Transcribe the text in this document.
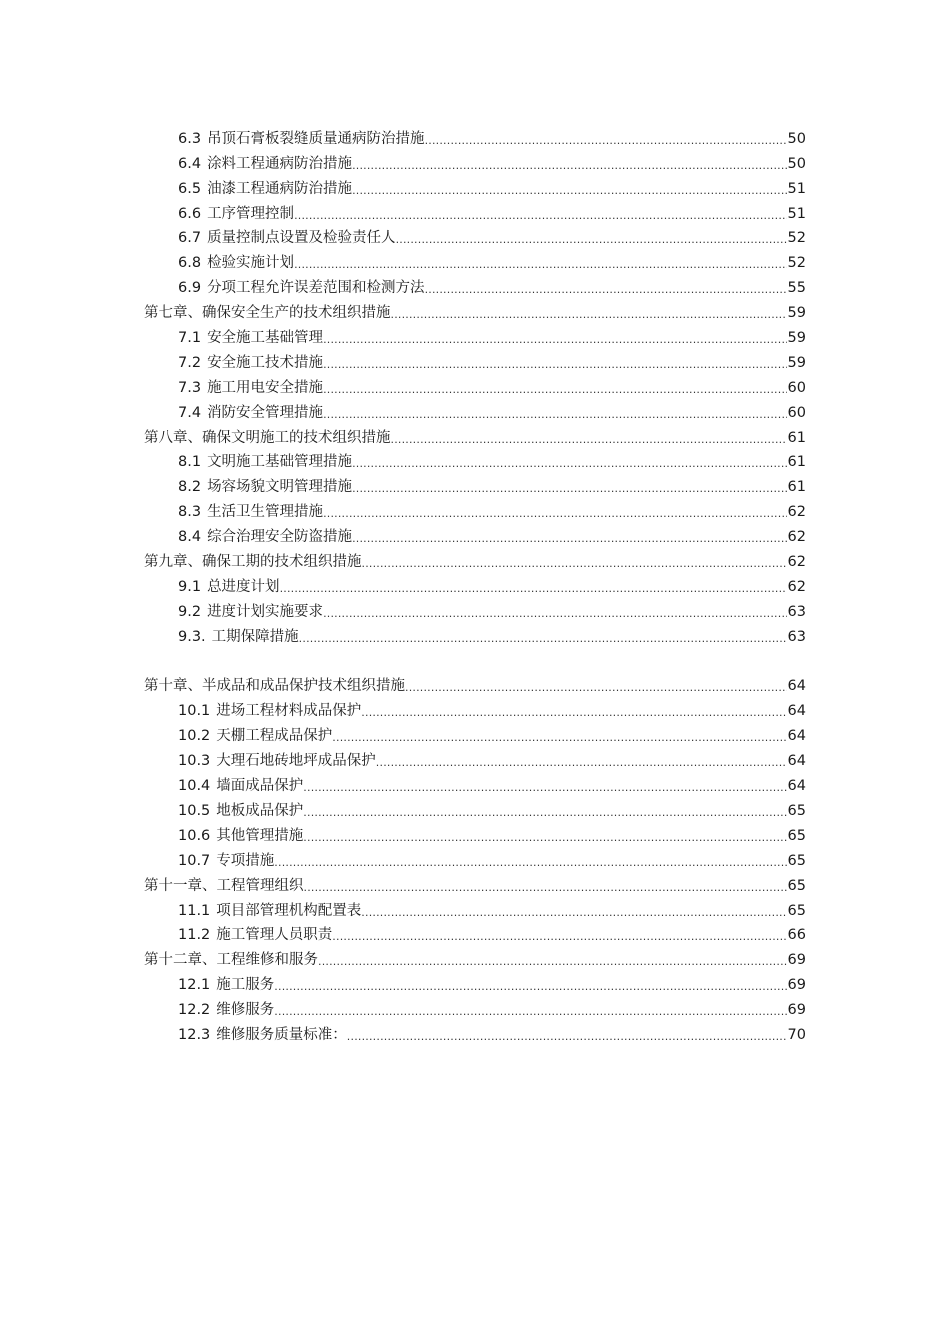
6.3 吊顶石膏板裂缝质量通病防治措施 .....	50
6.4 涂料工程通病防治措施 .....	50
6.5 油漆工程通病防治措施 .....	51
6.6 工序管理控制 .....	51
6.7 质量控制点设置及检验责任人 .....	52
6.8 检验实施计划 .....	52
6.9 分项工程允许误差范围和检测方法 .....	55
第七章、确保安全生产的技术组织措施 .....	59
7.1 安全施工基础管理 .....	59
7.2 安全施工技术措施 .....	59
7.3 施工用电安全措施 .....	60
7.4 消防安全管理措施 .....	60
第八章、确保文明施工的技术组织措施 .....	61
8.1 文明施工基础管理措施 .....	61
8.2 场容场貌文明管理措施 .....	61
8.3 生活卫生管理措施 .....	62
8.4 综合治理安全防盗措施 .....	62
第九章、确保工期的技术组织措施 .....	62
9.1 总进度计划 .....	62
9.2 进度计划实施要求 .....	63
9.3. 工期保障措施 .....	63
第十章、半成品和成品保护技术组织措施 .....	64
10.1 进场工程材料成品保护 .....	64
10.2 天棚工程成品保护 .....	64
10.3 大理石地砖地坪成品保护 .....	64
10.4 墙面成品保护 .....	64
10.5 地板成品保护 .....	65
10.6 其他管理措施 .....	65
10.7 专项措施 .....	65
第十一章、工程管理组织 .....	65
11.1 项目部管理机构配置表 .....	65
11.2 施工管理人员职责 .....	66
第十二章、工程维修和服务 .....	69
12.1 施工服务 .....	69
12.2 维修服务 .....	69
12.3 维修服务质量标准： .....	70
